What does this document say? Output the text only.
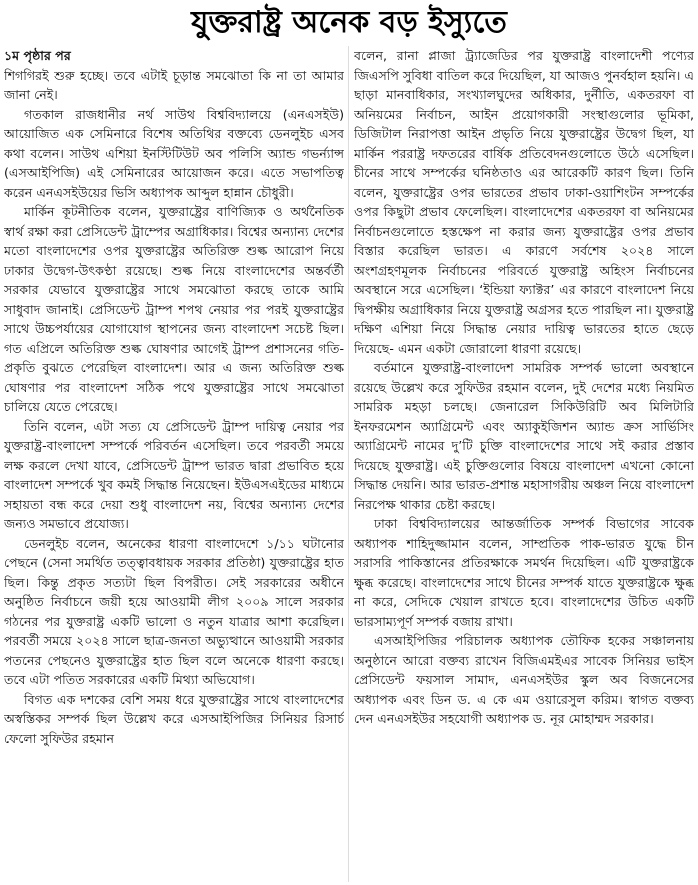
যুক্তরাষ্ট্র অনেক বড় ইস্যুতে
১ম পৃষ্ঠার পর

শিগগিরই শুরু হচ্ছে। তবে এটাই চূড়ান্ত সমঝোতা কি না তা আমার জানা নেই।

গতকাল রাজধানীর নর্থ সাউথ বিশ্ববিদ্যালয়ে (এনএসইউ) আয়োজিত এক সেমিনারে বিশেষ অতিথির বক্তব্যে ডেনলুইচ এসব কথা বলেন। সাউথ এশিয়া ইনস্টিটিউট অব পলিসি অ্যান্ড গভর্ন্যান্স (এসআইপিজি) এই সেমিনারের আয়োজন করে। এতে সভাপতিত্ব করেন এনএসইউয়ের ভিসি অধ্যাপক আব্দুল হান্নান চৌধুরী।

মার্কিন কূটনীতিক বলেন, যুক্তরাষ্ট্রের বাণিজ্যিক ও অর্থনৈতিক স্বার্থ রক্ষা করা প্রেসিডেন্ট ট্রাম্পের অগ্রাধিকার। বিশ্বের অন্যান্য দেশের মতো বাংলাদেশের ওপর যুক্তরাষ্ট্রের অতিরিক্ত শুল্ক আরোপ নিয়ে ঢাকার উদ্বেগ-উৎকণ্ঠা রয়েছে। শুল্ক নিয়ে বাংলাদেশের অন্তর্বর্তী সরকার যেভাবে যুক্তরাষ্ট্রের সাথে সমঝোতা করছে তাকে আমি সাধুবাদ জানাই। প্রেসিডেন্ট ট্রাম্প শপথ নেয়ার পর পরই যুক্তরাষ্ট্রের সাথে উচ্চপর্যায়ের যোগাযোগ স্থাপনের জন্য বাংলাদেশ সচেষ্ট ছিল। গত এপ্রিলে অতিরিক্ত শুল্ক ঘোষণার আগেই ট্রাম্প প্রশাসনের গতি-প্রকৃতি বুঝতে পেরেছিল বাংলাদেশ। আর এ জন্য অতিরিক্ত শুল্ক ঘোষণার পর বাংলাদেশ সঠিক পথে যুক্তরাষ্ট্রের সাথে সমঝোতা চালিয়ে যেতে পেরেছে।

তিনি বলেন, এটা সত্য যে প্রেসিডেন্ট ট্রাম্প দায়িত্ব নেয়ার পর যুক্তরাষ্ট্র-বাংলাদেশ সম্পর্কে পরিবর্তন এসেছিল। তবে পরবর্তী সময়ে লক্ষ করলে দেখা যাবে, প্রেসিডেন্ট ট্রাম্প ভারত দ্বারা প্রভাবিত হয়ে বাংলাদেশ সম্পর্কে খুব কমই সিদ্ধান্ত নিয়েছেন। ইউএসএইডের মাধ্যমে সহায়তা বন্ধ করে দেয়া শুধু বাংলাদেশ নয়, বিশ্বের অন্যান্য দেশের জন্যও সমভাবে প্রযোজ্য।

ডেনলুইচ বলেন, অনেকের ধারণা বাংলাদেশে ১/১১ ঘটানোর পেছনে (সেনা সমর্থিত তত্ত্বাবধায়ক সরকার প্রতিষ্ঠা) যুক্তরাষ্ট্রের হাত ছিল। কিন্তু প্রকৃত সত্যটা ছিল বিপরীত। সেই সরকারের অধীনে অনুষ্ঠিত নির্বাচনে জয়ী হয়ে আওয়ামী লীগ ২০০৯ সালে সরকার গঠনের পর যুক্তরাষ্ট্র একটি ভালো ও নতুন যাত্রার আশা করেছিল। পরবর্তী সময়ে ২০২৪ সালে ছাত্র-জনতা অভ্যুত্থানে আওয়ামী সরকার পতনের পেছনেও যুক্তরাষ্ট্রের হাত ছিল বলে অনেকে ধারণা করছে। তবে এটা পতিত সরকারের একটি মিথ্যা অভিযোগ।

বিগত এক দশকের বেশি সময় ধরে যুক্তরাষ্ট্রের সাথে বাংলাদেশের অস্বস্তিকর সম্পর্ক ছিল উল্লেখ করে এসআইপিজির সিনিয়র রিসার্চ ফেলো সুফিউর রহমান

বলেন, রানা প্লাজা ট্র্যাজেডির পর যুক্তরাষ্ট্র বাংলাদেশী পণ্যের জিএসপি সুবিধা বাতিল করে দিয়েছিল, যা আজও পুনর্বহাল হয়নি। এ ছাড়া মানবাধিকার, সংখ্যালঘুদের অধিকার, দুর্নীতি, একতরফা বা অনিয়মের নির্বাচন, আইন প্রয়োগকারী সংস্থাগুলোর ভূমিকা, ডিজিটাল নিরাপত্তা আইন প্রভৃতি নিয়ে যুক্তরাষ্ট্রের উদ্বেগ ছিল, যা মার্কিন পররাষ্ট্র দফতরের বার্ষিক প্রতিবেদনগুলোতে উঠে এসেছিল। চীনের সাথে সম্পর্কের ঘনিষ্ঠতাও এর আরেকটি কারণ ছিল। তিনি বলেন, যুক্তরাষ্ট্রের ওপর ভারতের প্রভাব ঢাকা-ওয়াশিংটন সম্পর্কের ওপর কিছুটা প্রভাব ফেলেছিল। বাংলাদেশের একতরফা বা অনিয়মের নির্বাচনগুলোতে হস্তক্ষেপ না করার জন্য যুক্তরাষ্ট্রের ওপর প্রভাব বিস্তার করেছিল ভারত। এ কারণে সর্বশেষ ২০২৪ সালে অংশগ্রহণমূলক নির্বাচনের পরিবর্তে যুক্তরাষ্ট্র অহিংস নির্বাচনের অবস্থানে সরে এসেছিল। ‘ইন্ডিয়া ফ্যাক্টর’ এর কারণে বাংলাদেশ নিয়ে দ্বিপক্ষীয় অগ্রাধিকার নিয়ে যুক্তরাষ্ট্র অগ্রসর হতে পারছিল না। যুক্তরাষ্ট্র দক্ষিণ এশিয়া নিয়ে সিদ্ধান্ত নেয়ার দায়িত্ব ভারতের হাতে ছেড়ে দিয়েছে- এমন একটা জোরালো ধারণা রয়েছে।

বর্তমানে যুক্তরাষ্ট্র-বাংলাদেশ সামরিক সম্পর্ক ভালো অবস্থানে রয়েছে উল্লেখ করে সুফিউর রহমান বলেন, দুই দেশের মধ্যে নিয়মিত সামরিক মহড়া চলছে। জেনারেল সিকিউরিটি অব মিলিটারি ইনফরমেশন অ্যাগ্রিমেন্ট এবং অ্যাকুইজিশন অ্যান্ড ক্রস সার্ভিসিং অ্যাগ্রিমেন্ট নামের দু’টি চুক্তি বাংলাদেশের সাথে সই করার প্রস্তাব দিয়েছে যুক্তরাষ্ট্র। এই চুক্তিগুলোর বিষয়ে বাংলাদেশ এখনো কোনো সিদ্ধান্ত দেয়নি। আর ভারত-প্রশান্ত মহাসাগরীয় অঞ্চল নিয়ে বাংলাদেশ নিরপেক্ষ থাকার চেষ্টা করছে।

ঢাকা বিশ্ববিদ্যালয়ের আন্তর্জাতিক সম্পর্ক বিভাগের সাবেক অধ্যাপক শাহিদুজ্জামান বলেন, সাম্প্রতিক পাক-ভারত যুদ্ধে চীন সরাসরি পাকিস্তানের প্রতিরক্ষাকে সমর্থন দিয়েছিল। এটি যুক্তরাষ্ট্রকে ক্ষুব্ধ করেছে। বাংলাদেশের সাথে চীনের সম্পর্ক যাতে যুক্তরাষ্ট্রকে ক্ষুব্ধ না করে, সেদিকে খেয়াল রাখতে হবে। বাংলাদেশের উচিত একটি ভারসাম্যপূর্ণ সম্পর্ক বজায় রাখা।

এসআইপিজির পরিচালক অধ্যাপক তৌফিক হকের সঞ্চালনায় অনুষ্ঠানে আরো বক্তব্য রাখেন বিজিএমইএর সাবেক সিনিয়র ভাইস প্রেসিডেন্ট ফয়সাল সামাদ, এনএসইউর স্কুল অব বিজনেসের অধ্যাপক এবং ডিন ড. এ কে এম ওয়ারেসুল করিম। স্বাগত বক্তব্য দেন এনএসইউর সহযোগী অধ্যাপক ড. নূর মোহাম্মদ সরকার।
